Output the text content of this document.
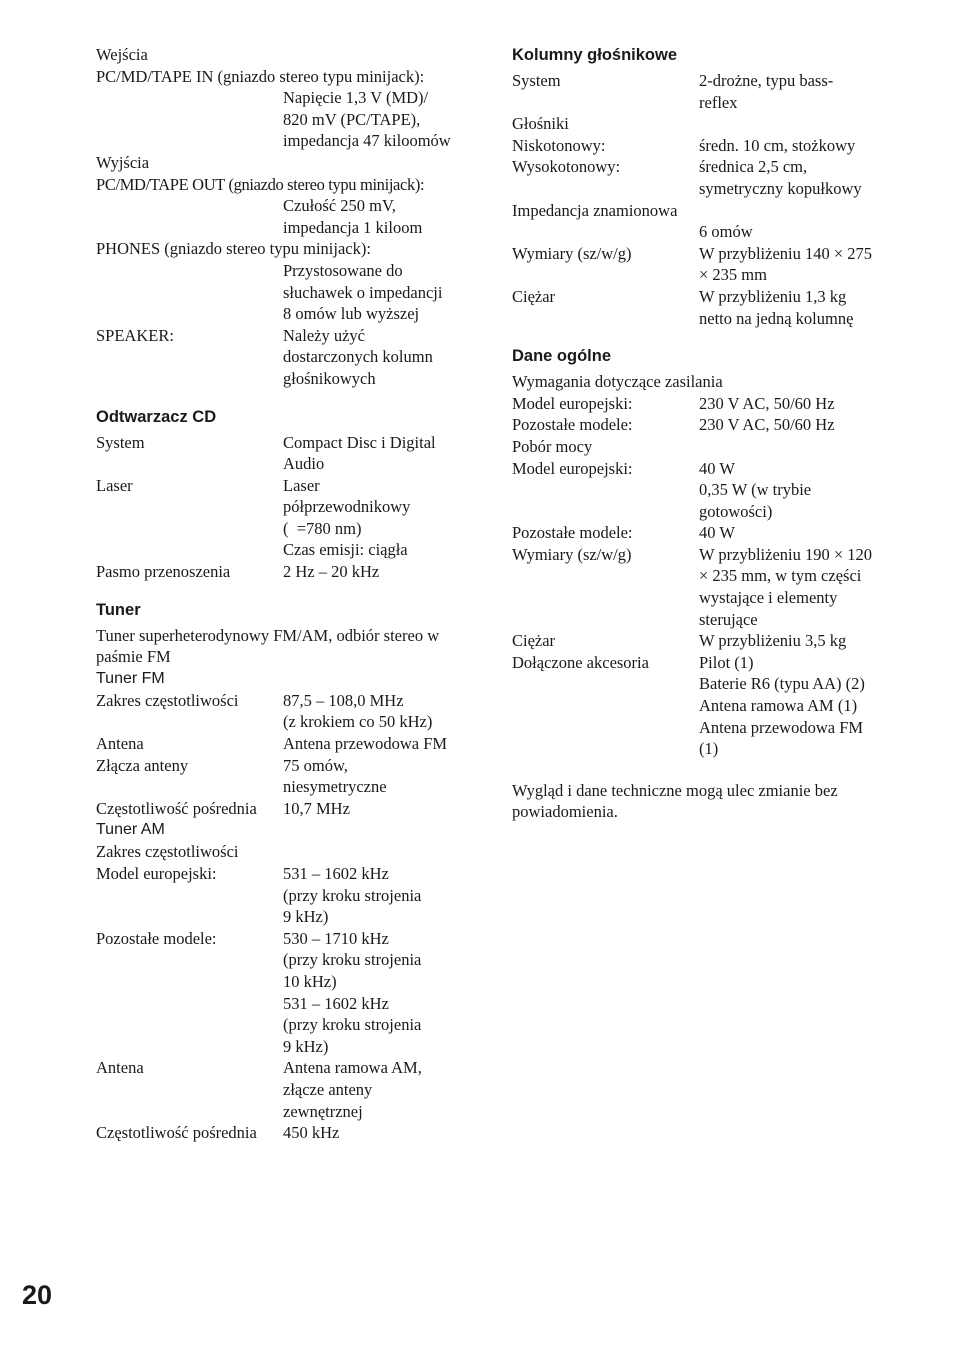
Wejścia
PC/MD/TAPE IN (gniazdo stereo typu minijack):
Napięcie 1,3 V (MD)/
820 mV (PC/TAPE),
impedancja 47 kiloomów
Wyjścia
PC/MD/TAPE OUT (gniazdo stereo typu minijack):
Czułość 250 mV,
impedancja 1 kiloom
PHONES (gniazdo stereo typu minijack):
Przystosowane do
słuchawek o impedancji
8 omów lub wyższej
SPEAKER:	Należy użyć
dostarczonych kolumn
głośnikowych
Odtwarzacz CD
System	Compact Disc i Digital
Audio
Laser	Laser
półprzewodnikowy
( =780 nm)
Czas emisji: ciągła
Pasmo przenoszenia	2 Hz – 20 kHz
Tuner
Tuner superheterodynowy FM/AM, odbiór stereo w paśmie FM
Tuner FM
Zakres częstotliwości	87,5 – 108,0 MHz
(z krokiem co 50 kHz)
Antena	Antena przewodowa FM
Złącza anteny	75 omów,
niesymetryczne
Częstotliwość pośrednia 10,7 MHz
Tuner AM
Zakres częstotliwości
Model europejski:	531 – 1602 kHz
(przy kroku strojenia
9 kHz)
Pozostałe modele:	530 – 1710 kHz
(przy kroku strojenia
10 kHz)
531 – 1602 kHz
(przy kroku strojenia
9 kHz)
Antena	Antena ramowa AM,
złącze anteny
zewnętrznej
Częstotliwość pośrednia 450 kHz
Kolumny głośnikowe
System	2-drożne, typu bass-
reflex
Głośniki
Niskotonowy:	średn. 10 cm, stożkowy
Wysokotonowy:	średnica 2,5 cm,
symetryczny kopułkowy
Impedancja znamionowa
6 omów
Wymiary (sz/w/g)	W przybliżeniu 140 × 275
× 235 mm
Ciężar	W przybliżeniu 1,3 kg
netto na jedną kolumnę
Dane ogólne
Wymagania dotyczące zasilania
Model europejski:	230 V AC, 50/60 Hz
Pozostałe modele:	230 V AC, 50/60 Hz
Pobór mocy
Model europejski:	40 W
0,35 W (w trybie
gotowości)
Pozostałe modele:	40 W
Wymiary (sz/w/g)	W przybliżeniu 190 × 120
× 235 mm, w tym części
wystające i elementy
sterujące
Ciężar	W przybliżeniu 3,5 kg
Dołączone akcesoria	Pilot (1)
Baterie R6 (typu AA) (2)
Antena ramowa AM (1)
Antena przewodowa FM
(1)
Wygląd i dane techniczne mogą ulec zmianie bez powiadomienia.
20
